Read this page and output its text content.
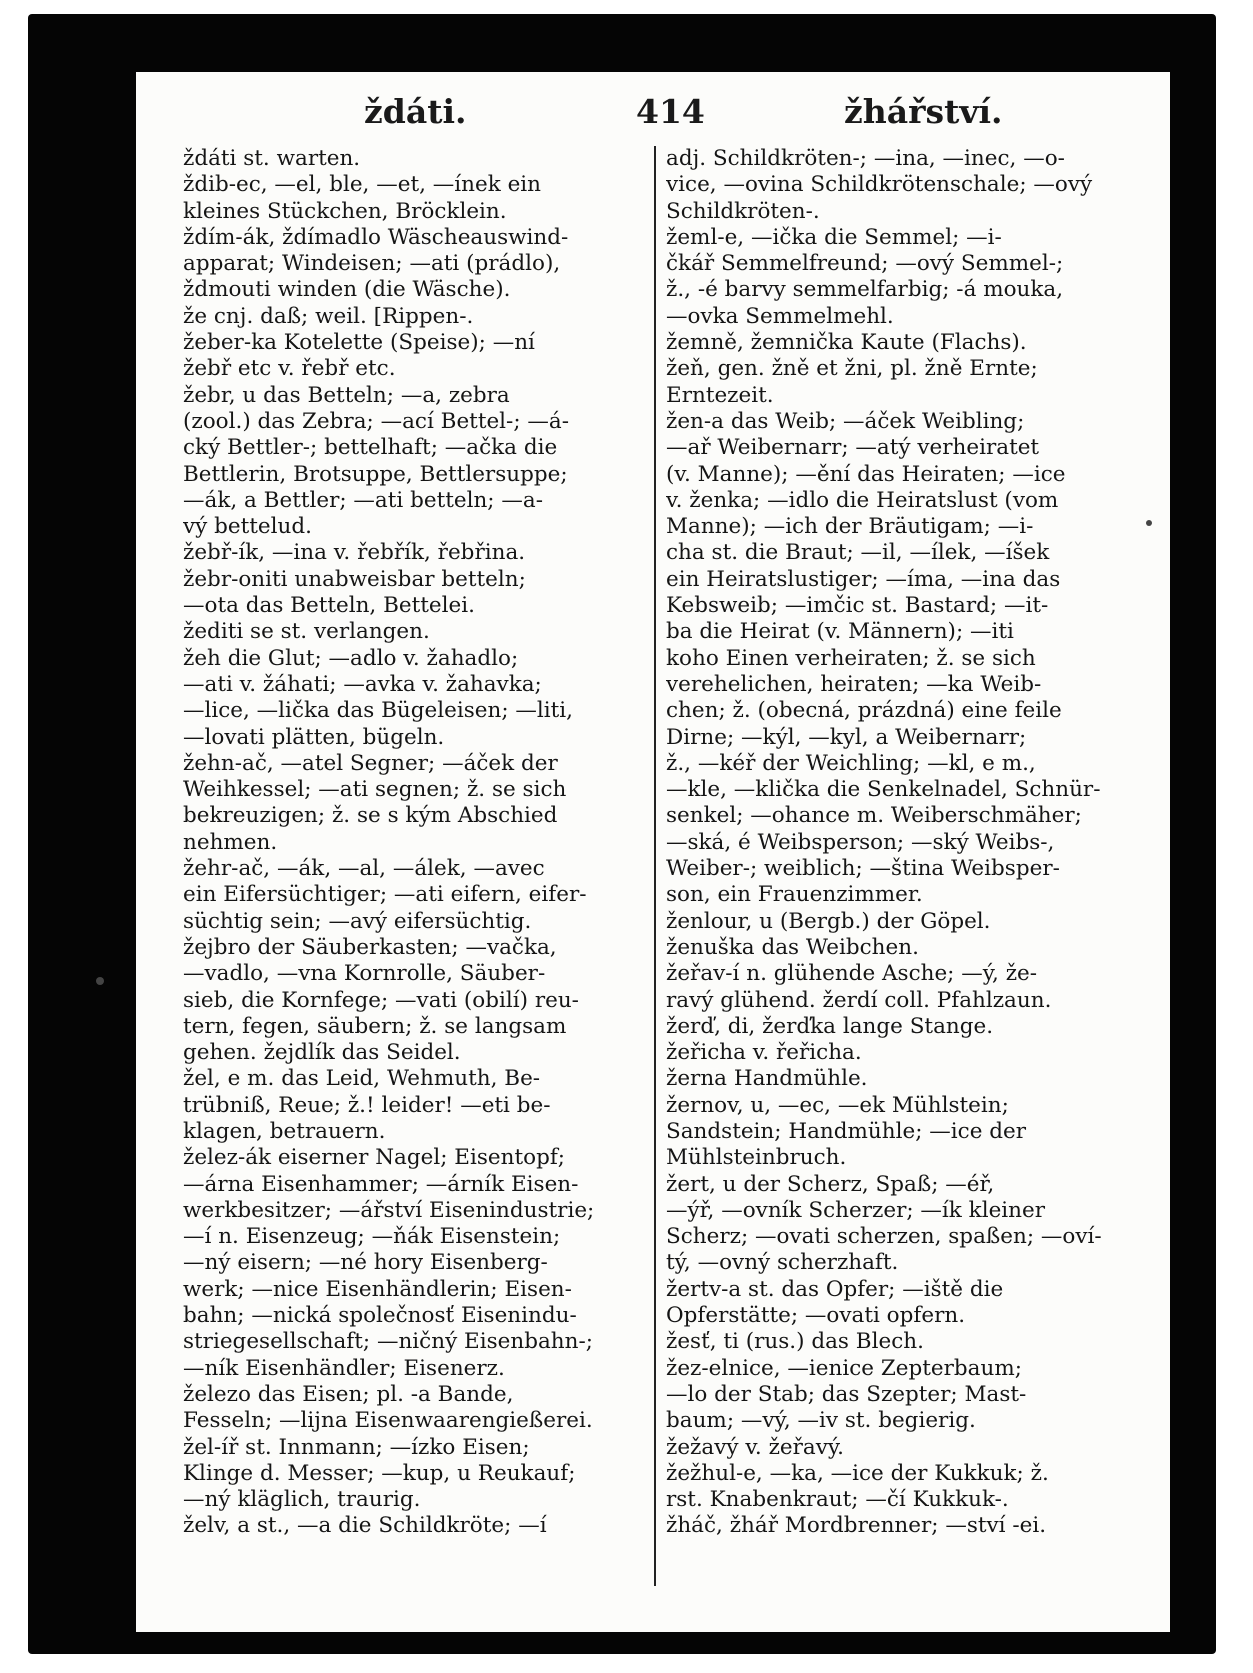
ždáti.	414	žhářství.
ždáti st. warten.
ždib-ec, —el, ble, —et, —ínek ein
kleines Stückchen, Bröcklein.
ždím-ák, ždímadlo Wäscheauswind-
apparat; Windeisen; —ati (prádlo),
ždmouti winden (die Wäsche).
že cnj. daß; weil. [Rippen-.
žeber-ka Kotelette (Speise); —ní
žebř etc v. řebř etc.
žebr, u das Betteln; —a, zebra
(zool.) das Zebra; —ací Bettel-; —á-
cký Bettler-; bettelhaft; —ačka die
Bettlerin, Brotsuppe, Bettlersuppe;
—ák, a Bettler; —ati betteln; —a-
vý bettelud.
žebř-ík, —ina v. řebřík, řebřina.
žebr-oniti unabweisbar betteln;
—ota das Betteln, Bettelei.
žediti se st. verlangen.
žeh die Glut; —adlo v. žahadlo;
—ati v. žáhati; —avka v. žahavka;
—lice, —lička das Bügeleisen; —liti,
—lovati plätten, bügeln.
žehn-ač, —atel Segner; —áček der
Weihkessel; —ati segnen; ž. se sich
bekreuzigen; ž. se s kým Abschied
nehmen.
žehr-ač, —ák, —al, —álek, —avec
ein Eifersüchtiger; —ati eifern, eifer-
süchtig sein; —avý eifersüchtig.
žejbro der Säuberkasten; —vačka,
—vadlo, —vna Kornrolle, Säuber-
sieb, die Kornfege; —vati (obilí) reu-
tern, fegen, säubern; ž. se langsam
gehen. žejdlík das Seidel.
žel, e m. das Leid, Wehmuth, Be-
trübniß, Reue; ž.! leider! —eti be-
klagen, betrauern.
želez-ák eiserner Nagel; Eisentopf;
—árna Eisenhammer; —árník Eisen-
werkbesitzer; —ářství Eisenindustrie;
—í n. Eisenzeug; —ňák Eisenstein;
—ný eisern; —né hory Eisenberg-
werk; —nice Eisenhändlerin; Eisen-
bahn; —nická společnosť Eisenindu-
striegesellschaft; —ničný Eisenbahn-;
—ník Eisenhändler; Eisenerz.
železo das Eisen; pl. -a Bande,
Fesseln; —lijna Eisenwaarengießerei.
žel-íř st. Innmann; —ízko Eisen;
Klinge d. Messer; —kup, u Reukauf;
—ný kläglich, traurig.
želv, a st., —a die Schildkröte; —í
adj. Schildkröten-; —ina, —inec, —o-
vice, —ovina Schildkrötenschale; —ový
Schildkröten-.
žeml-e, —ička die Semmel; —i-
čkář Semmelfreund; —ový Semmel-;
ž., -é barvy semmelfarbig; -á mouka,
—ovka Semmelmehl.
žemně, žemnička Kaute (Flachs).
žeň, gen. žně et žni, pl. žně Ernte;
Erntezeit.
žen-a das Weib; —áček Weibling;
—ař Weibernarr; —atý verheiratet
(v. Manne); —ění das Heiraten; —ice
v. ženka; —idlo die Heiratslust (vom
Manne); —ich der Bräutigam; —i-
cha st. die Braut; —il, —ílek, —íšek
ein Heiratslustiger; —íma, —ina das
Kebsweib; —imčic st. Bastard; —it-
ba die Heirat (v. Männern); —iti
koho Einen verheiraten; ž. se sich
verehelichen, heiraten; —ka Weib-
chen; ž. (obecná, prázdná) eine feile
Dirne; —kýl, —kyl, a Weibernarr;
ž., —kéř der Weichling; —kl, e m.,
—kle, —klička die Senkelnadel, Schnür-
senkel; —ohance m. Weiberschmäher;
—ská, é Weibsperson; —ský Weibs-,
Weiber-; weiblich; —ština Weibsper-
son, ein Frauenzimmer.
ženlour, u (Bergb.) der Göpel.
ženuška das Weibchen.
žeřav-í n. glühende Asche; —ý, že-
ravý glühend. žerdí coll. Pfahlzaun.
žerď, di, žerďka lange Stange.
žeřicha v. řeřicha.
žerna Handmühle.
žernov, u, —ec, —ek Mühlstein;
Sandstein; Handmühle; —ice der
Mühlsteinbruch.
žert, u der Scherz, Spaß; —éř,
—ýř, —ovník Scherzer; —ík kleiner
Scherz; —ovati scherzen, spaßen; —oví-
tý, —ovný scherzhaft.
žertv-a st. das Opfer; —iště die
Opferstätte; —ovati opfern.
žesť, ti (rus.) das Blech.
žez-elnice, —ienice Zepterbaum;
—lo der Stab; das Szepter; Mast-
baum; —vý, —iv st. begierig.
žežavý v. žeřavý.
žežhul-e, —ka, —ice der Kukkuk; ž.
rst. Knabenkraut; —čí Kukkuk-.
žháč, žhář Mordbrenner; —ství -ei.
